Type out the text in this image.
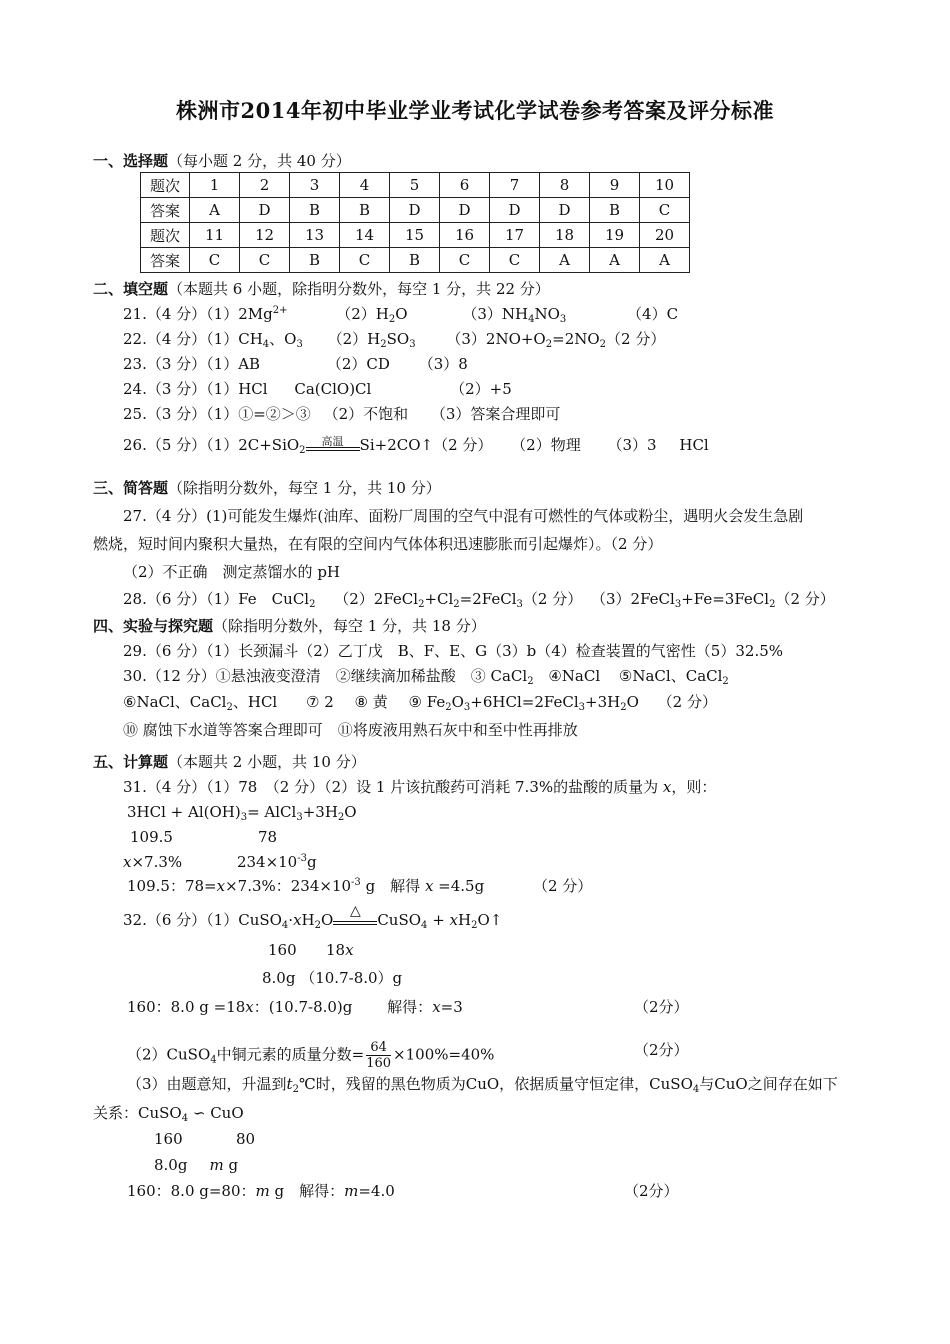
株洲市2014年初中毕业学业考试化学试卷参考答案及评分标准
一、选择题（每小题 2 分，共 40 分）
题次	1	2	3	4	5	6	7	8	9	10
答案	A	D	B	B	D	D	D	D	B	C
题次	11	12	13	14	15	16	17	18	19	20
答案	C	C	B	C	B	C	C	A	A	A
二、填空题（本题共 6 小题，除指明分数外，每空 1 分，共 22 分）
21.（4 分）$(1)2Mg^{2+}$	$(2)H_2O$	$(3)NH_4NO_3$	（4）C
22.（4 分）$(1)CH_4$、$O_3$ $(2)H_2SO_3$ $(3)2NO+O_2=2NO_2(2$ 分）
23.（3 分）（1）AB	（2）CD （3）8
24.（3 分）（1）HCl Ca(ClO)Cl	（2）+5
25.（3 分）（1）①=②＞③ （2）不饱和 （3）答案合理即可
26.（5 分）（1）2C+SiO$_2$
高温	Si+2CO↑（2 分） （2）物理 （3）3 HCl
三、简答题（除指明分数外，每空 1 分，共 10 分）
27.（4 分）(1)可能发生爆炸(油库、面粉厂周围的空气中混有可燃性的气体或粉尘，遇明火会发生急剧
燃烧，短时间内聚积大量热，在有限的空间内气体体积迅速膨胀而引起爆炸）。（2 分）
（2）不正确　测定蒸馏水的 pH
28.（6 分）（1）Fe　CuCl$_2$ $(2)2FeCl_2+Cl_2=2FeCl_3(2$ 分） （3）2FeCl$_3$+Fe=3FeCl$_2$（2 分）
四、实验与探究题（除指明分数外，每空 1 分，共 18 分）
29.（6 分）（1）长颈漏斗（2）乙丁戊　B、F、E、G（3）b（4）检查装置的气密性（5）32.5%
30.（12 分）①悬浊液变澄清　②继续滴加稀盐酸　③ CaCl$_2$ ④NaCl ⑤NaCl、CaCl$_2$
⑥NaCl、CaCl$_2$、HCl ⑦ 2 ⑧ 黄 ⑨ $Fe_2O_3+6HCl=2FeCl_3+3H_2O$ （2 分）
⑩ 腐蚀下水道等答案合理即可　⑪将废液用熟石灰中和至中性再排放
五、计算题（本题共 2 小题，共 10 分）
31.（4 分）（1）78　（2 分）（2）设 1 片该抗酸药可消耗 7.3%的盐酸的质量为 x，则：
$3HCl + Al(OH)_3=$ $AlCl_3+3H_2O$
109.5	78
x×7.3%	$234\times 10^{-3}g$
109.5：78=x×7.3%：$234\times 10^{-3}$ g　解得 x =4.5g	（2 分）
32.（6 分）$(1)CuSO_4\cdot xH_2O$	△	CuSO$_4$ + $xH_2O↑$
160 18x
8.0g （10.7-8.0）g
160：8.0 g =18x：(10.7-8.0)g 解得：x=3	（2分）
（2）CuSO$_4$中铜元素的质量分数= $\frac{64}{160} \times 100\%=40\%$	（2分）
（3）由题意知，升温到$t_2℃$时，残留的黑色物质为CuO，依据质量守恒定律，CuSO$_4$与CuO之间存在如下
关系：CuSO$_4$ ∽ CuO
160	80
8.0g m g
160：8.0 g=80：m g　解得：m=4.0	（2分）
